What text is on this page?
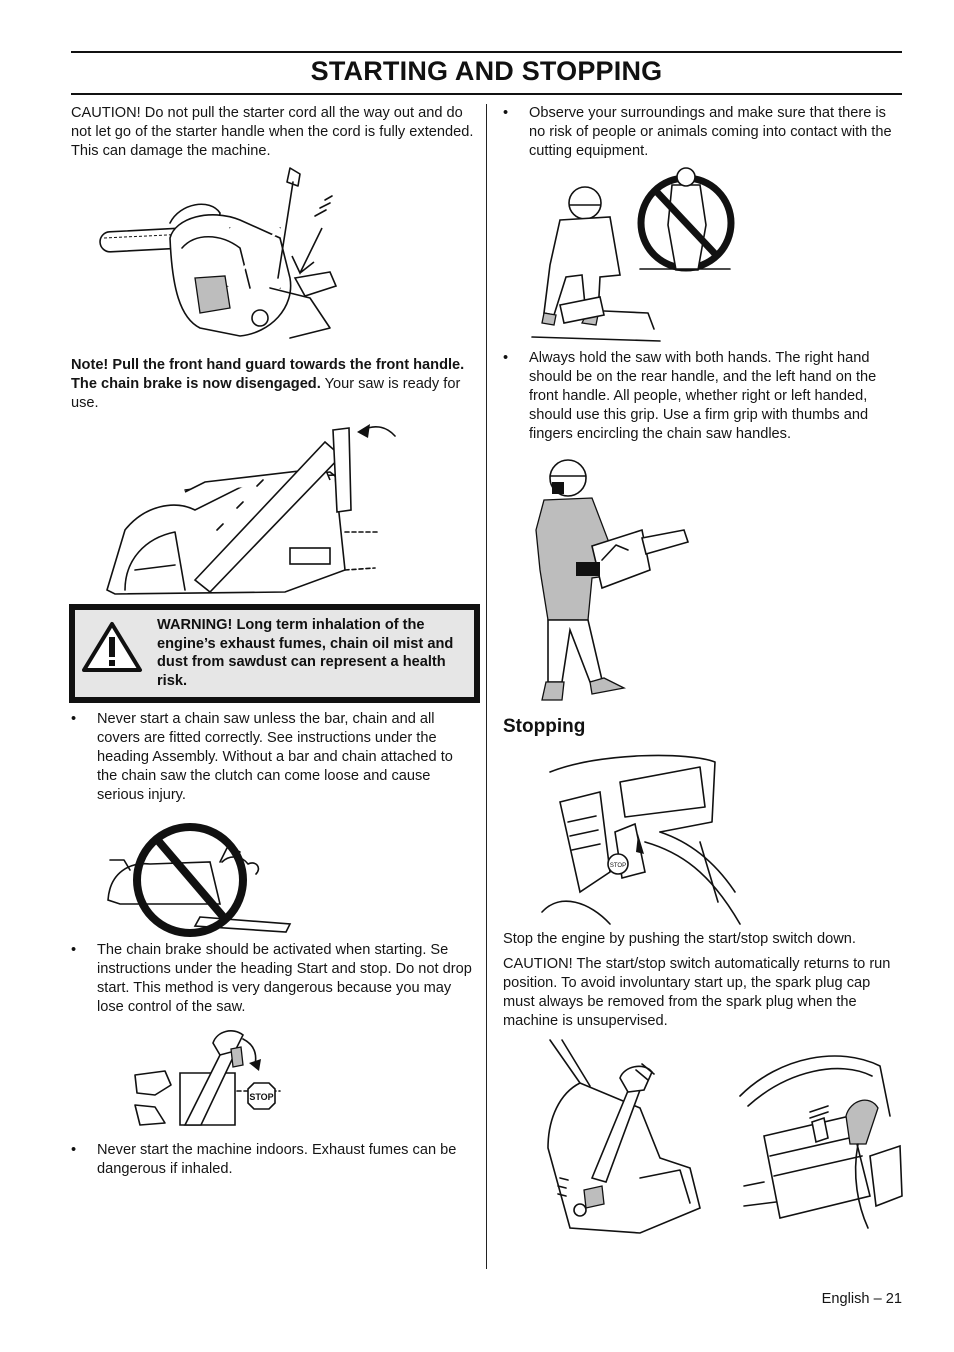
STARTING AND STOPPING
CAUTION! Do not pull the starter cord all the way out and do not let go of the starter handle when the cord is fully extended. This can damage the machine.
Note! Pull the front hand guard towards the front handle. The chain brake is now disengaged. Your saw is ready for use.
WARNING! Long term inhalation of the engine’s exhaust fumes, chain oil mist and dust from sawdust can represent a health risk.
• Never start a chain saw unless the bar, chain and all covers are fitted correctly. See instructions under the heading Assembly. Without a bar and chain attached to the chain saw the clutch can come loose and cause serious injury.
• The chain brake should be activated when starting. Se instructions under the heading Start and stop. Do not drop start. This method is very dangerous because you may lose control of the saw.
STOP
• Never start the machine indoors. Exhaust fumes can be dangerous if inhaled.
• Observe your surroundings and make sure that there is no risk of people or animals coming into contact with the cutting equipment.
• Always hold the saw with both hands. The right hand should be on the rear handle, and the left hand on the front handle. All people, whether right or left handed, should use this grip. Use a firm grip with thumbs and fingers encircling the chain saw handles.
Stopping
STOP
Stop the engine by pushing the start/stop switch down.
CAUTION! The start/stop switch automatically returns to run position. To avoid involuntary start up, the spark plug cap must always be removed from the spark plug when the machine is unsupervised.
English – 21
